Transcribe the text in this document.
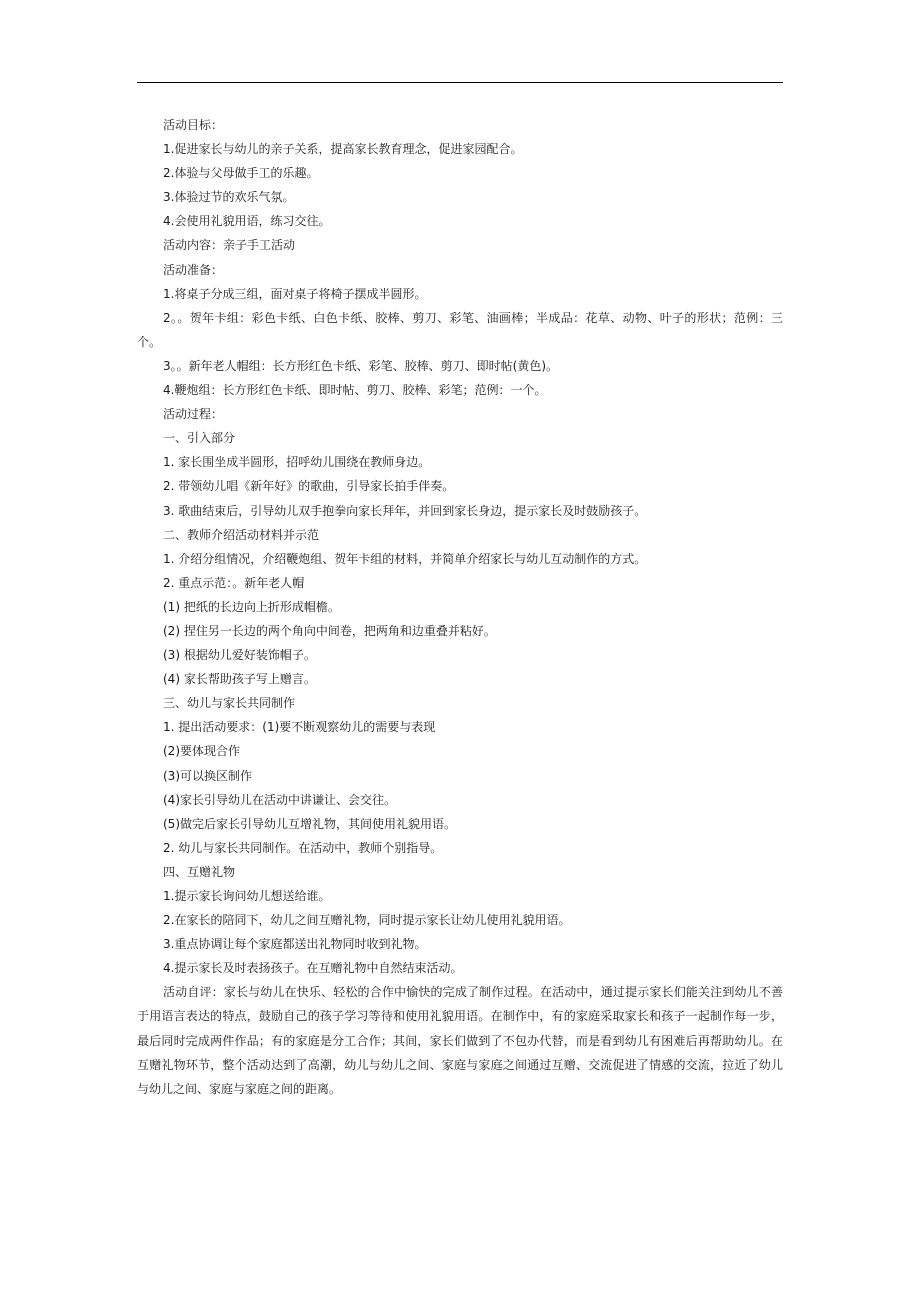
活动目标：
1.促进家长与幼儿的亲子关系，提高家长教育理念，促进家园配合。
2.体验与父母做手工的乐趣。
3.体验过节的欢乐气氛。
4.会使用礼貌用语，练习交往。
活动内容：亲子手工活动
活动准备：
1.将桌子分成三组，面对桌子将椅子摆成半圆形。
2。。贺年卡组：彩色卡纸、白色卡纸、胶棒、剪刀、彩笔、油画棒；半成品：花草、动物、叶子的形状；范例：三个。
3。。新年老人帽组：长方形红色卡纸、彩笔、胶棒、剪刀、即时帖(黄色)。
4.鞭炮组：长方形红色卡纸、即时帖、剪刀、胶棒、彩笔；范例：一个。
活动过程：
一、引入部分
1. 家长围坐成半圆形，招呼幼儿围绕在教师身边。
2. 带领幼儿唱《新年好》的歌曲，引导家长拍手伴奏。
3. 歌曲结束后，引导幼儿双手抱拳向家长拜年，并回到家长身边，提示家长及时鼓励孩子。
二、教师介绍活动材料并示范
1. 介绍分组情况，介绍鞭炮组、贺年卡组的材料，并简单介绍家长与幼儿互动制作的方式。
2. 重点示范：。新年老人帽
(1) 把纸的长边向上折形成帽檐。
(2) 捏住另一长边的两个角向中间卷，把两角和边重叠并粘好。
(3) 根据幼儿爱好装饰帽子。
(4) 家长帮助孩子写上赠言。
三、幼儿与家长共同制作
1. 提出活动要求：(1)要不断观察幼儿的需要与表现
(2)要体现合作
(3)可以换区制作
(4)家长引导幼儿在活动中讲谦让、会交往。
(5)做完后家长引导幼儿互增礼物，其间使用礼貌用语。
2. 幼儿与家长共同制作。在活动中，教师个别指导。
四、互赠礼物
1.提示家长询问幼儿想送给谁。
2.在家长的陪同下，幼儿之间互赠礼物，同时提示家长让幼儿使用礼貌用语。
3.重点协调让每个家庭都送出礼物同时收到礼物。
4.提示家长及时表扬孩子。在互赠礼物中自然结束活动。
活动自评：家长与幼儿在快乐、轻松的合作中愉快的完成了制作过程。在活动中，通过提示家长们能关注到幼儿不善于用语言表达的特点，鼓励自己的孩子学习等待和使用礼貌用语。在制作中，有的家庭采取家长和孩子一起制作每一步，最后同时完成两件作品；有的家庭是分工合作；其间，家长们做到了不包办代替，而是看到幼儿有困难后再帮助幼儿。在互赠礼物环节，整个活动达到了高潮，幼儿与幼儿之间、家庭与家庭之间通过互赠、交流促进了情感的交流，拉近了幼儿与幼儿之间、家庭与家庭之间的距离。
